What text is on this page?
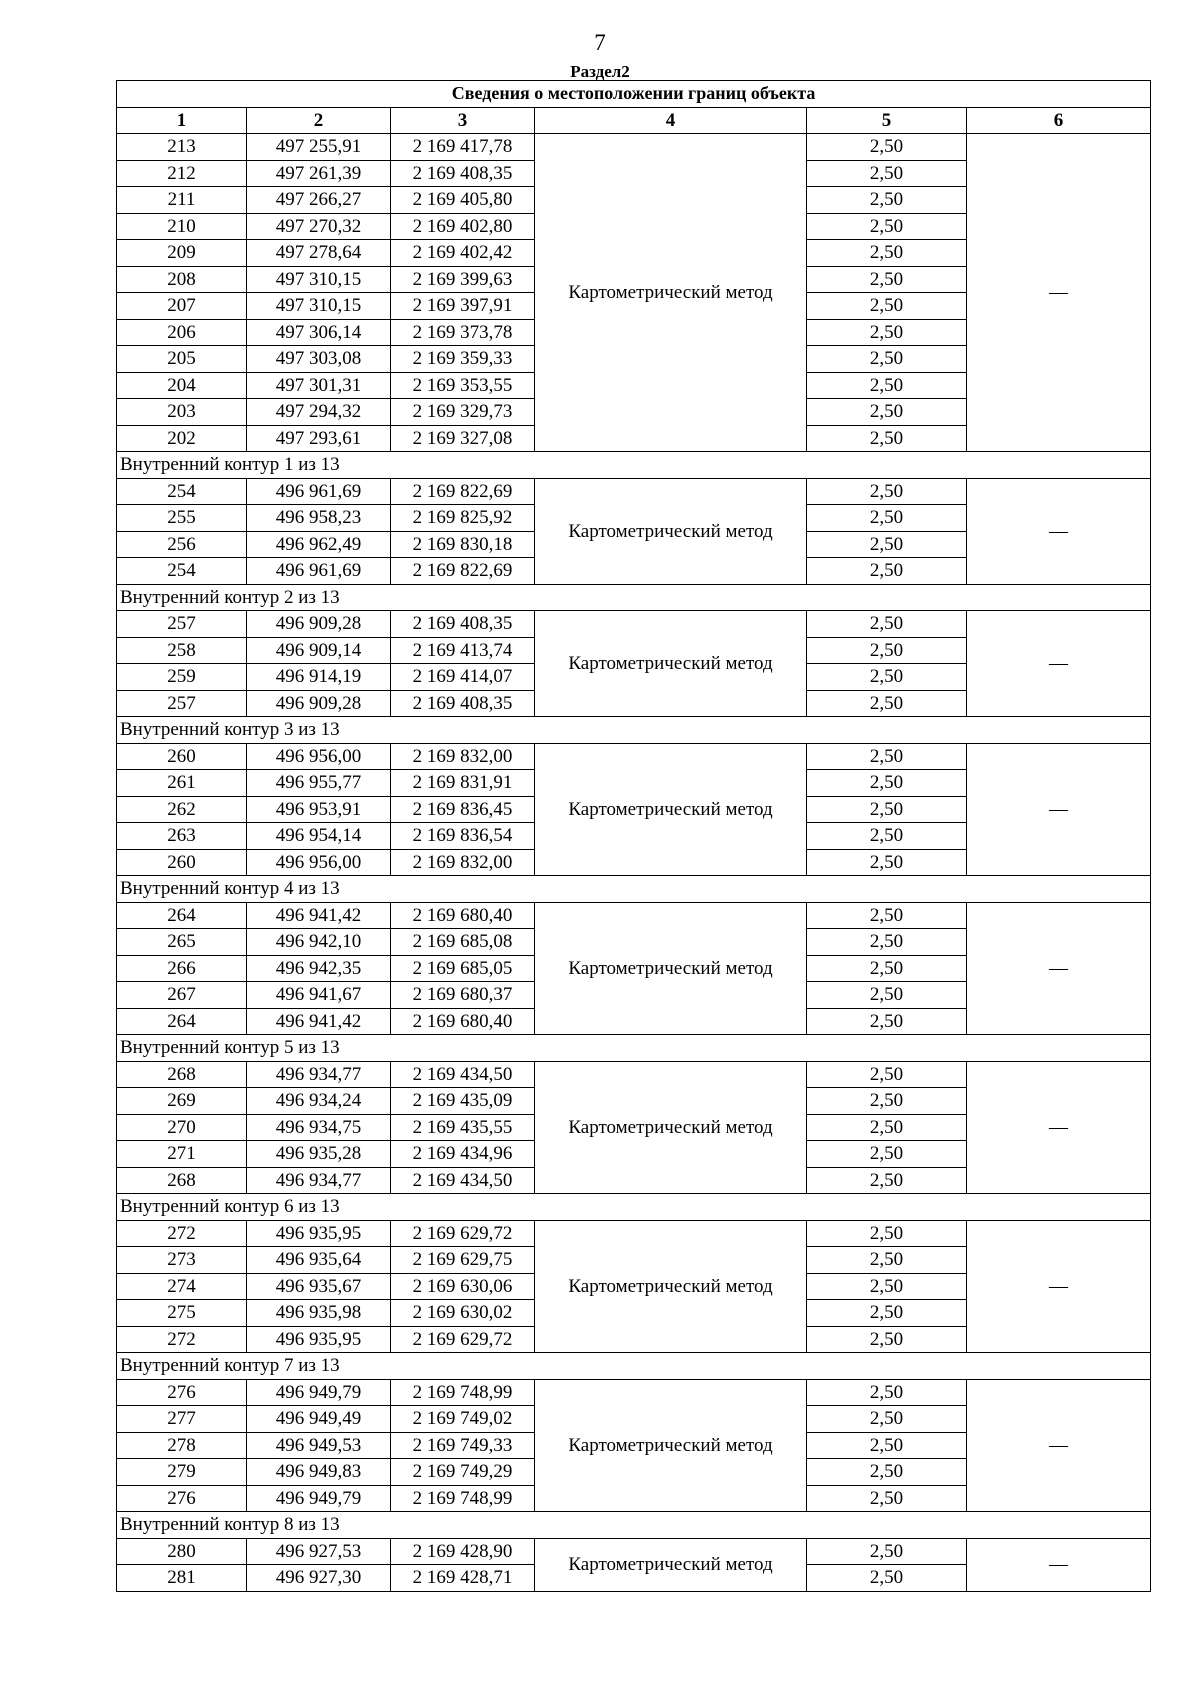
7
Раздел2
Сведения о местоположении границ объекта					
1	2	3	4	5	6
213	497 255,91	2 169 417,78	Картометрический метод	2,50	—
212	497 261,39	2 169 408,35		2,50	
211	497 266,27	2 169 405,80		2,50	
210	497 270,32	2 169 402,80		2,50	
209	497 278,64	2 169 402,42		2,50	
208	497 310,15	2 169 399,63		2,50	
207	497 310,15	2 169 397,91		2,50	
206	497 306,14	2 169 373,78		2,50	
205	497 303,08	2 169 359,33		2,50	
204	497 301,31	2 169 353,55		2,50	
203	497 294,32	2 169 329,73		2,50	
202	497 293,61	2 169 327,08		2,50	
Внутренний контур 1 из 13					
254	496 961,69	2 169 822,69	Картометрический метод	2,50	—
255	496 958,23	2 169 825,92		2,50	
256	496 962,49	2 169 830,18		2,50	
254	496 961,69	2 169 822,69		2,50	
Внутренний контур 2 из 13					
257	496 909,28	2 169 408,35	Картометрический метод	2,50	—
258	496 909,14	2 169 413,74		2,50	
259	496 914,19	2 169 414,07		2,50	
257	496 909,28	2 169 408,35		2,50	
Внутренний контур 3 из 13					
260	496 956,00	2 169 832,00	Картометрический метод	2,50	—
261	496 955,77	2 169 831,91		2,50	
262	496 953,91	2 169 836,45		2,50	
263	496 954,14	2 169 836,54		2,50	
260	496 956,00	2 169 832,00		2,50	
Внутренний контур 4 из 13					
264	496 941,42	2 169 680,40	Картометрический метод	2,50	—
265	496 942,10	2 169 685,08		2,50	
266	496 942,35	2 169 685,05		2,50	
267	496 941,67	2 169 680,37		2,50	
264	496 941,42	2 169 680,40		2,50	
Внутренний контур 5 из 13					
268	496 934,77	2 169 434,50	Картометрический метод	2,50	—
269	496 934,24	2 169 435,09		2,50	
270	496 934,75	2 169 435,55		2,50	
271	496 935,28	2 169 434,96		2,50	
268	496 934,77	2 169 434,50		2,50	
Внутренний контур 6 из 13					
272	496 935,95	2 169 629,72	Картометрический метод	2,50	—
273	496 935,64	2 169 629,75		2,50	
274	496 935,67	2 169 630,06		2,50	
275	496 935,98	2 169 630,02		2,50	
272	496 935,95	2 169 629,72		2,50	
Внутренний контур 7 из 13					
276	496 949,79	2 169 748,99	Картометрический метод	2,50	—
277	496 949,49	2 169 749,02		2,50	
278	496 949,53	2 169 749,33		2,50	
279	496 949,83	2 169 749,29		2,50	
276	496 949,79	2 169 748,99		2,50	
Внутренний контур 8 из 13					
280	496 927,53	2 169 428,90	Картометрический метод	2,50	—
281	496 927,30	2 169 428,71		2,50	
